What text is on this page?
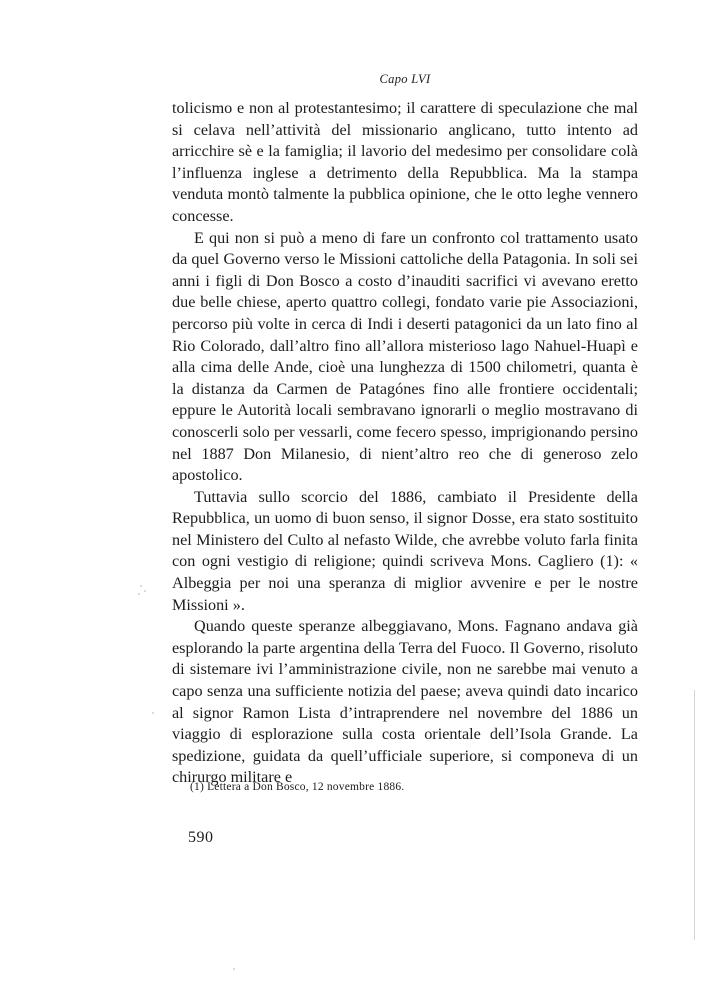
Capo LVI

tolicismo e non al protestantesimo; il carattere di speculazione che mal si celava nell’attività del missionario anglicano, tutto intento ad arricchire sè e la famiglia; il lavorio del medesimo per consolidare colà l’influenza inglese a detrimento della Repubblica. Ma la stampa venduta montò talmente la pubblica opinione, che le otto leghe vennero concesse.

E qui non si può a meno di fare un confronto col trattamento usato da quel Governo verso le Missioni cattoliche della Patagonia. In soli sei anni i figli di Don Bosco a costo d’inauditi sacrifici vi avevano eretto due belle chiese, aperto quattro collegi, fondato varie pie Associazioni, percorso più volte in cerca di Indi i deserti patagonici da un lato fino al Rio Colorado, dall’altro fino all’allora misterioso lago Nahuel-Huapì e alla cima delle Ande, cioè una lunghezza di 1500 chilometri, quanta è la distanza da Carmen de Patagónes fino alle frontiere occidentali; eppure le Autorità locali sembravano ignorarli o meglio mostravano di conoscerli solo per vessarli, come fecero spesso, imprigionando persino nel 1887 Don Milanesio, di nient’altro reo che di generoso zelo apostolico.

Tuttavia sullo scorcio del 1886, cambiato il Presidente della Repubblica, un uomo di buon senso, il signor Dosse, era stato sostituito nel Ministero del Culto al nefasto Wilde, che avrebbe voluto farla finita con ogni vestigio di religione; quindi scriveva Mons. Cagliero (1): « Albeggia per noi una speranza di miglior avvenire e per le nostre Missioni ».

Quando queste speranze albeggiavano, Mons. Fagnano andava già esplorando la parte argentina della Terra del Fuoco. Il Governo, risoluto di sistemare ivi l’amministrazione civile, non ne sarebbe mai venuto a capo senza una sufficiente notizia del paese; aveva quindi dato incarico al signor Ramon Lista d’intraprendere nel novembre del 1886 un viaggio di esplorazione sulla costa orientale dell’Isola Grande. La spedizione, guidata da quell’ufficiale superiore, si componeva di un chirurgo militare e

(1) Lettera a Don Bosco, 12 novembre 1886.
590
